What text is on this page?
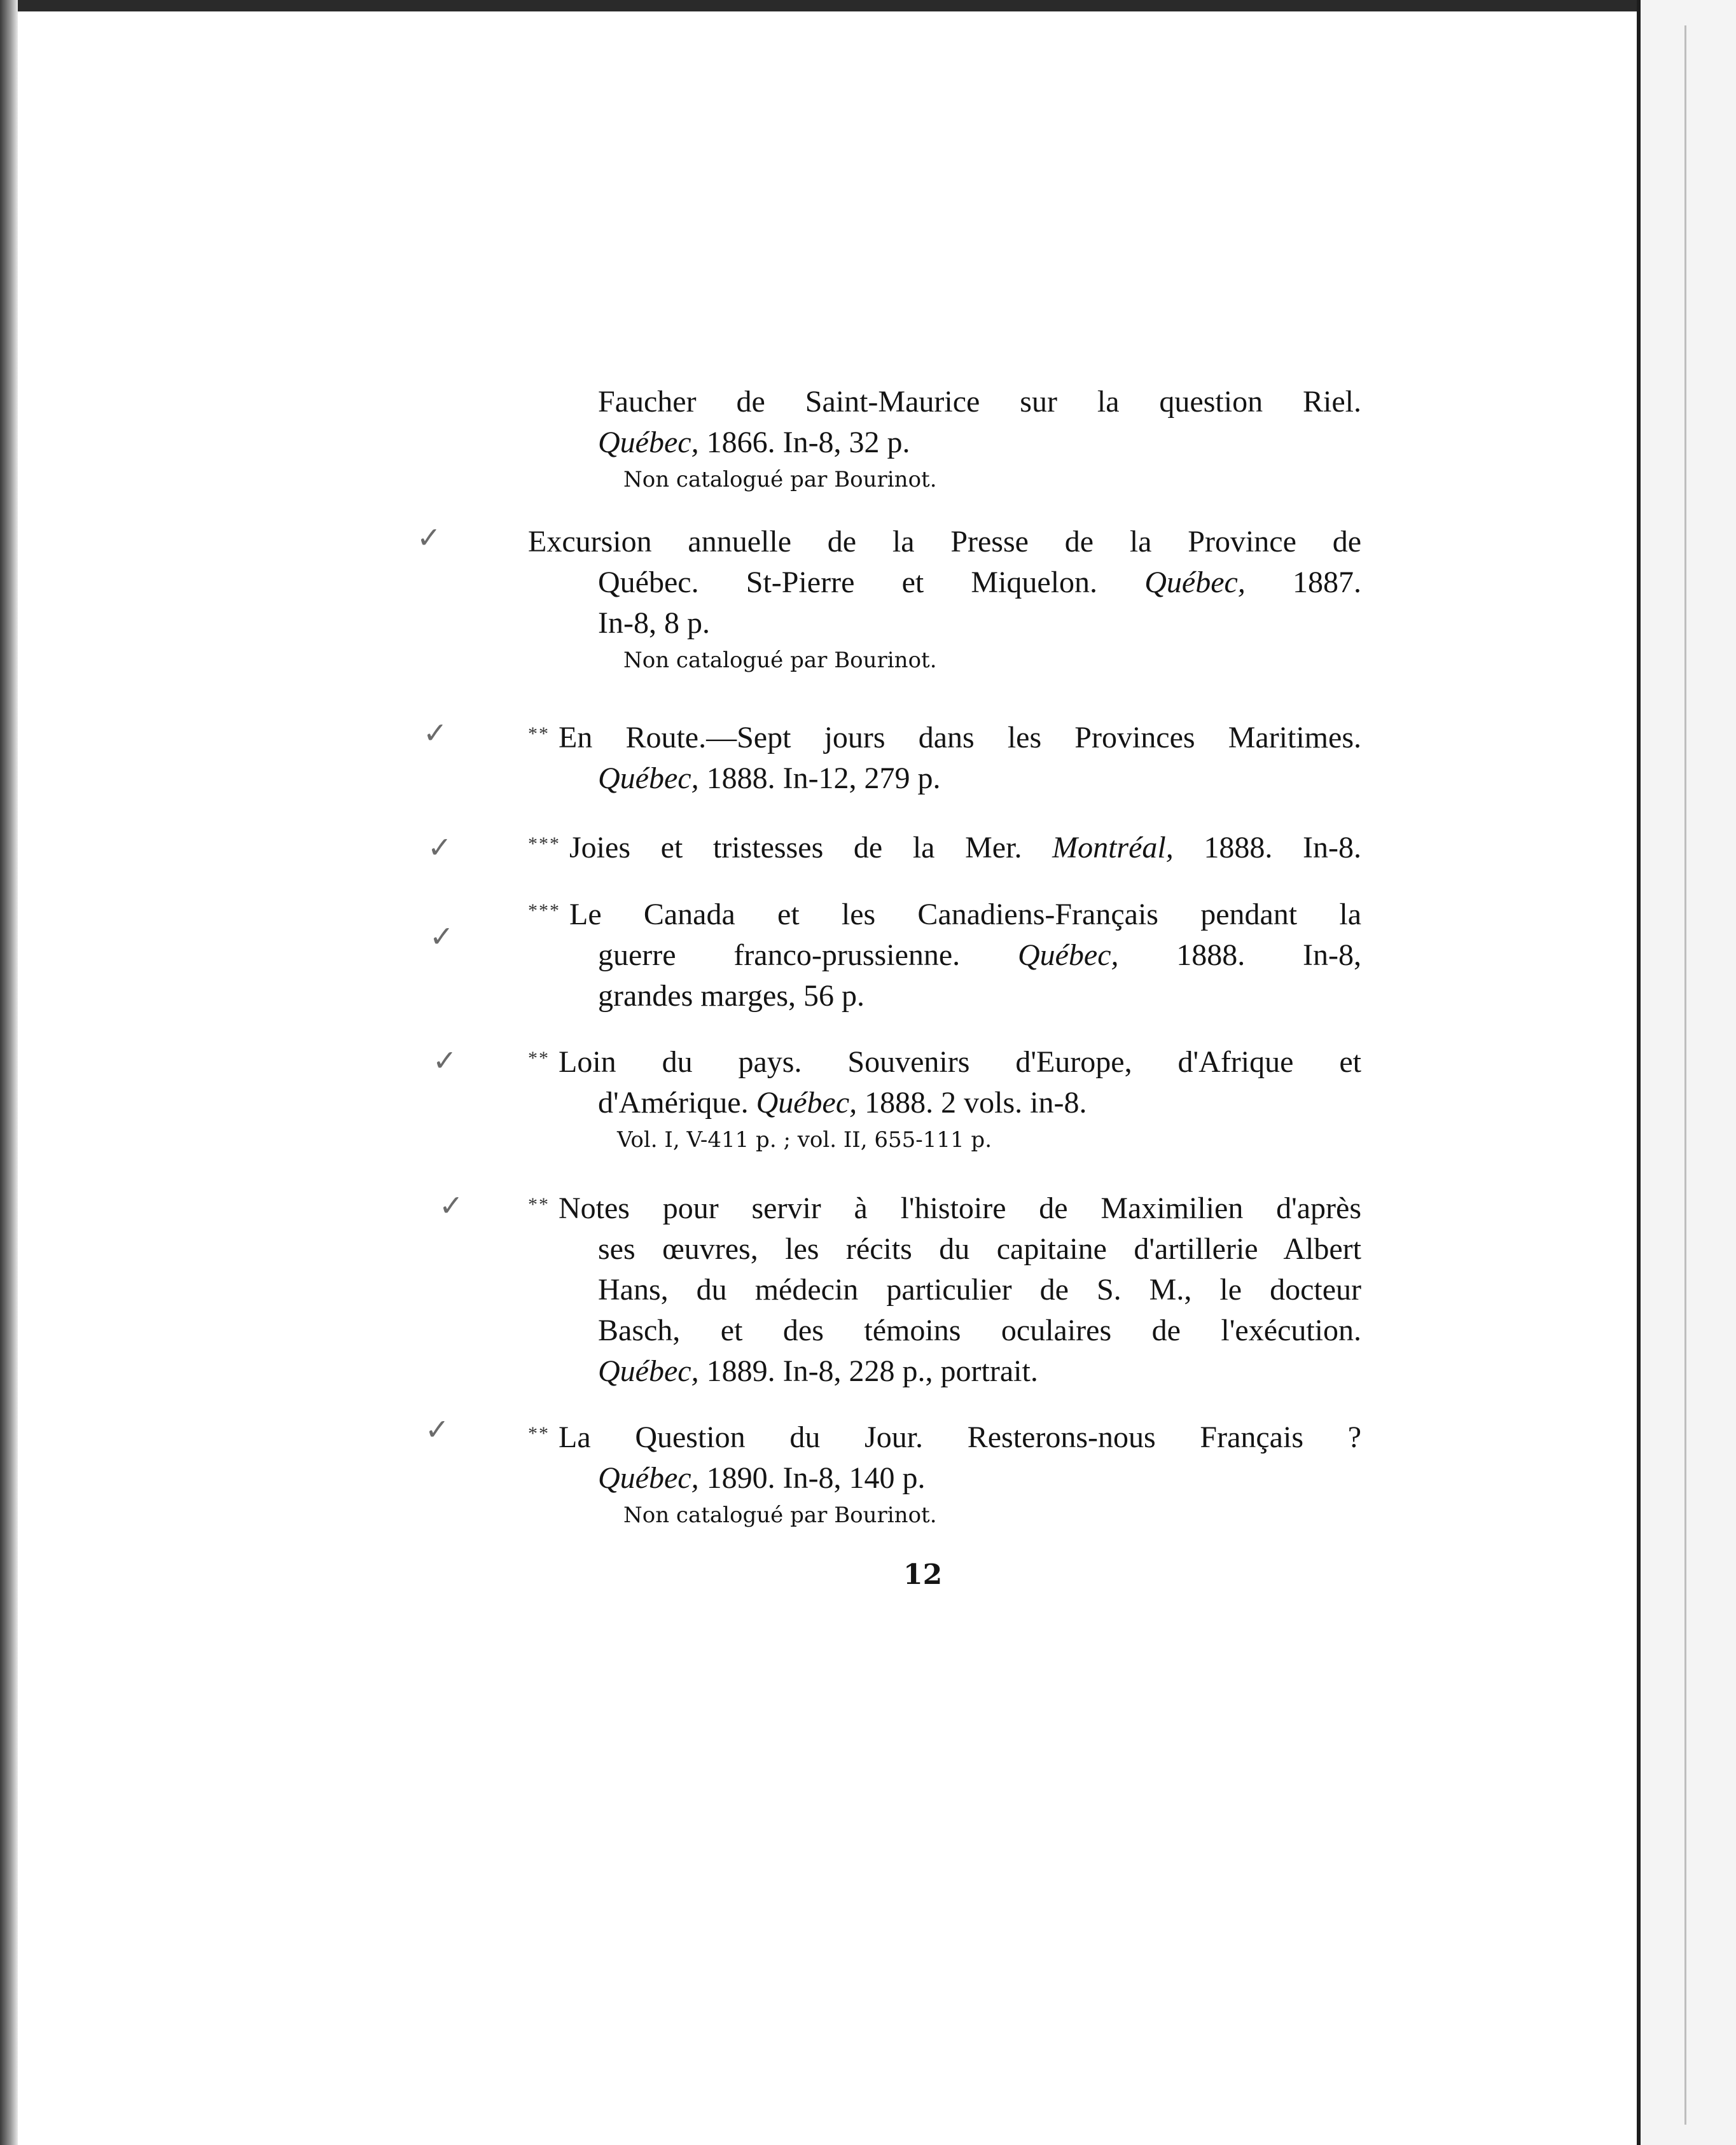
Faucher de Saint-Maurice sur la question Riel.
Québec, 1866. In-8, 32 p.
Non catalogué par Bourinot.
✓	Excursion annuelle de la Presse de la Province de
Québec. St-Pierre et Miquelon. Québec, 1887.
In-8, 8 p.
Non catalogué par Bourinot.
✓	** En Route.—Sept jours dans les Provinces Maritimes.
Québec, 1888. In-12, 279 p.
✓	*** Joies et tristesses de la Mer. Montréal, 1888. In-8.
✓
*** Le Canada et les Canadiens-Français pendant la
guerre franco-prussienne. Québec, 1888. In-8,
grandes marges, 56 p.
✓	** Loin du pays. Souvenirs d'Europe, d'Afrique et
d'Amérique. Québec, 1888. 2 vols. in-8.
Vol. I, V-411 p. ; vol. II, 655-111 p.
✓	** Notes pour servir à l'histoire de Maximilien d'après
ses œuvres, les récits du capitaine d'artillerie Albert
Hans, du médecin particulier de S. M., le docteur
Basch, et des témoins oculaires de l'exécution.
Québec, 1889. In-8, 228 p., portrait.
✓	** La Question du Jour. Resterons-nous Français ?
Québec, 1890. In-8, 140 p.
Non catalogué par Bourinot.
12
